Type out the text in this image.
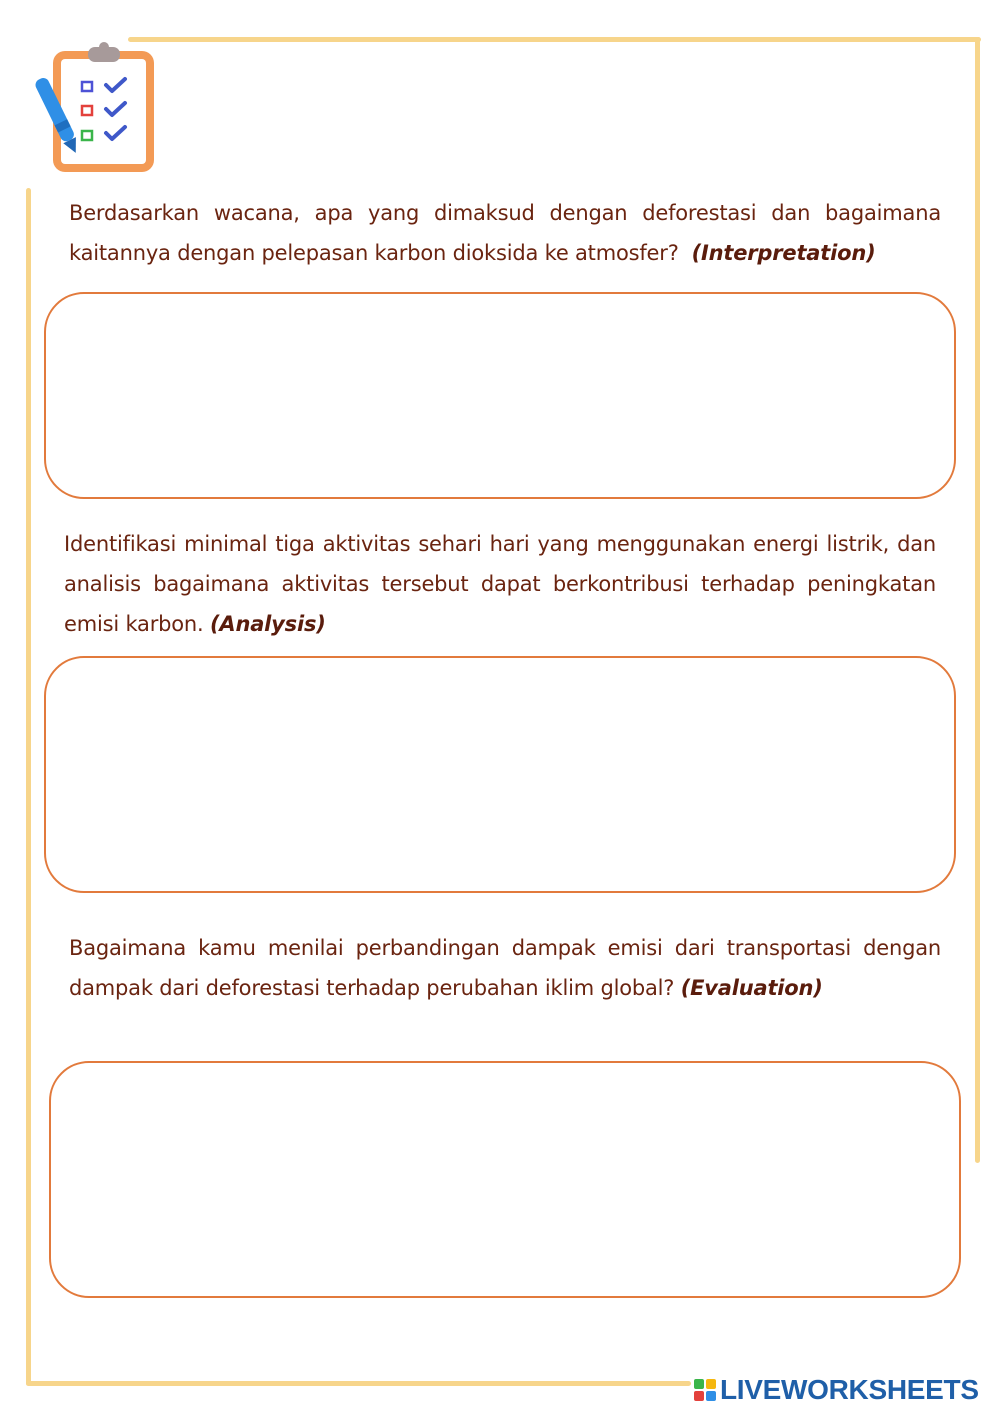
Berdasarkan wacana, apa yang dimaksud dengan deforestasi dan bagaimana kaitannya dengan pelepasan karbon dioksida ke atmosfer? (Interpretation)

Identifikasi minimal tiga aktivitas sehari hari yang menggunakan energi listrik, dan analisis bagaimana aktivitas tersebut dapat berkontribusi terhadap peningkatan emisi karbon. (Analysis)

Bagaimana kamu menilai perbandingan dampak emisi dari transportasi dengan dampak dari deforestasi terhadap perubahan iklim global? (Evaluation)

LIVEWORKSHEETS
